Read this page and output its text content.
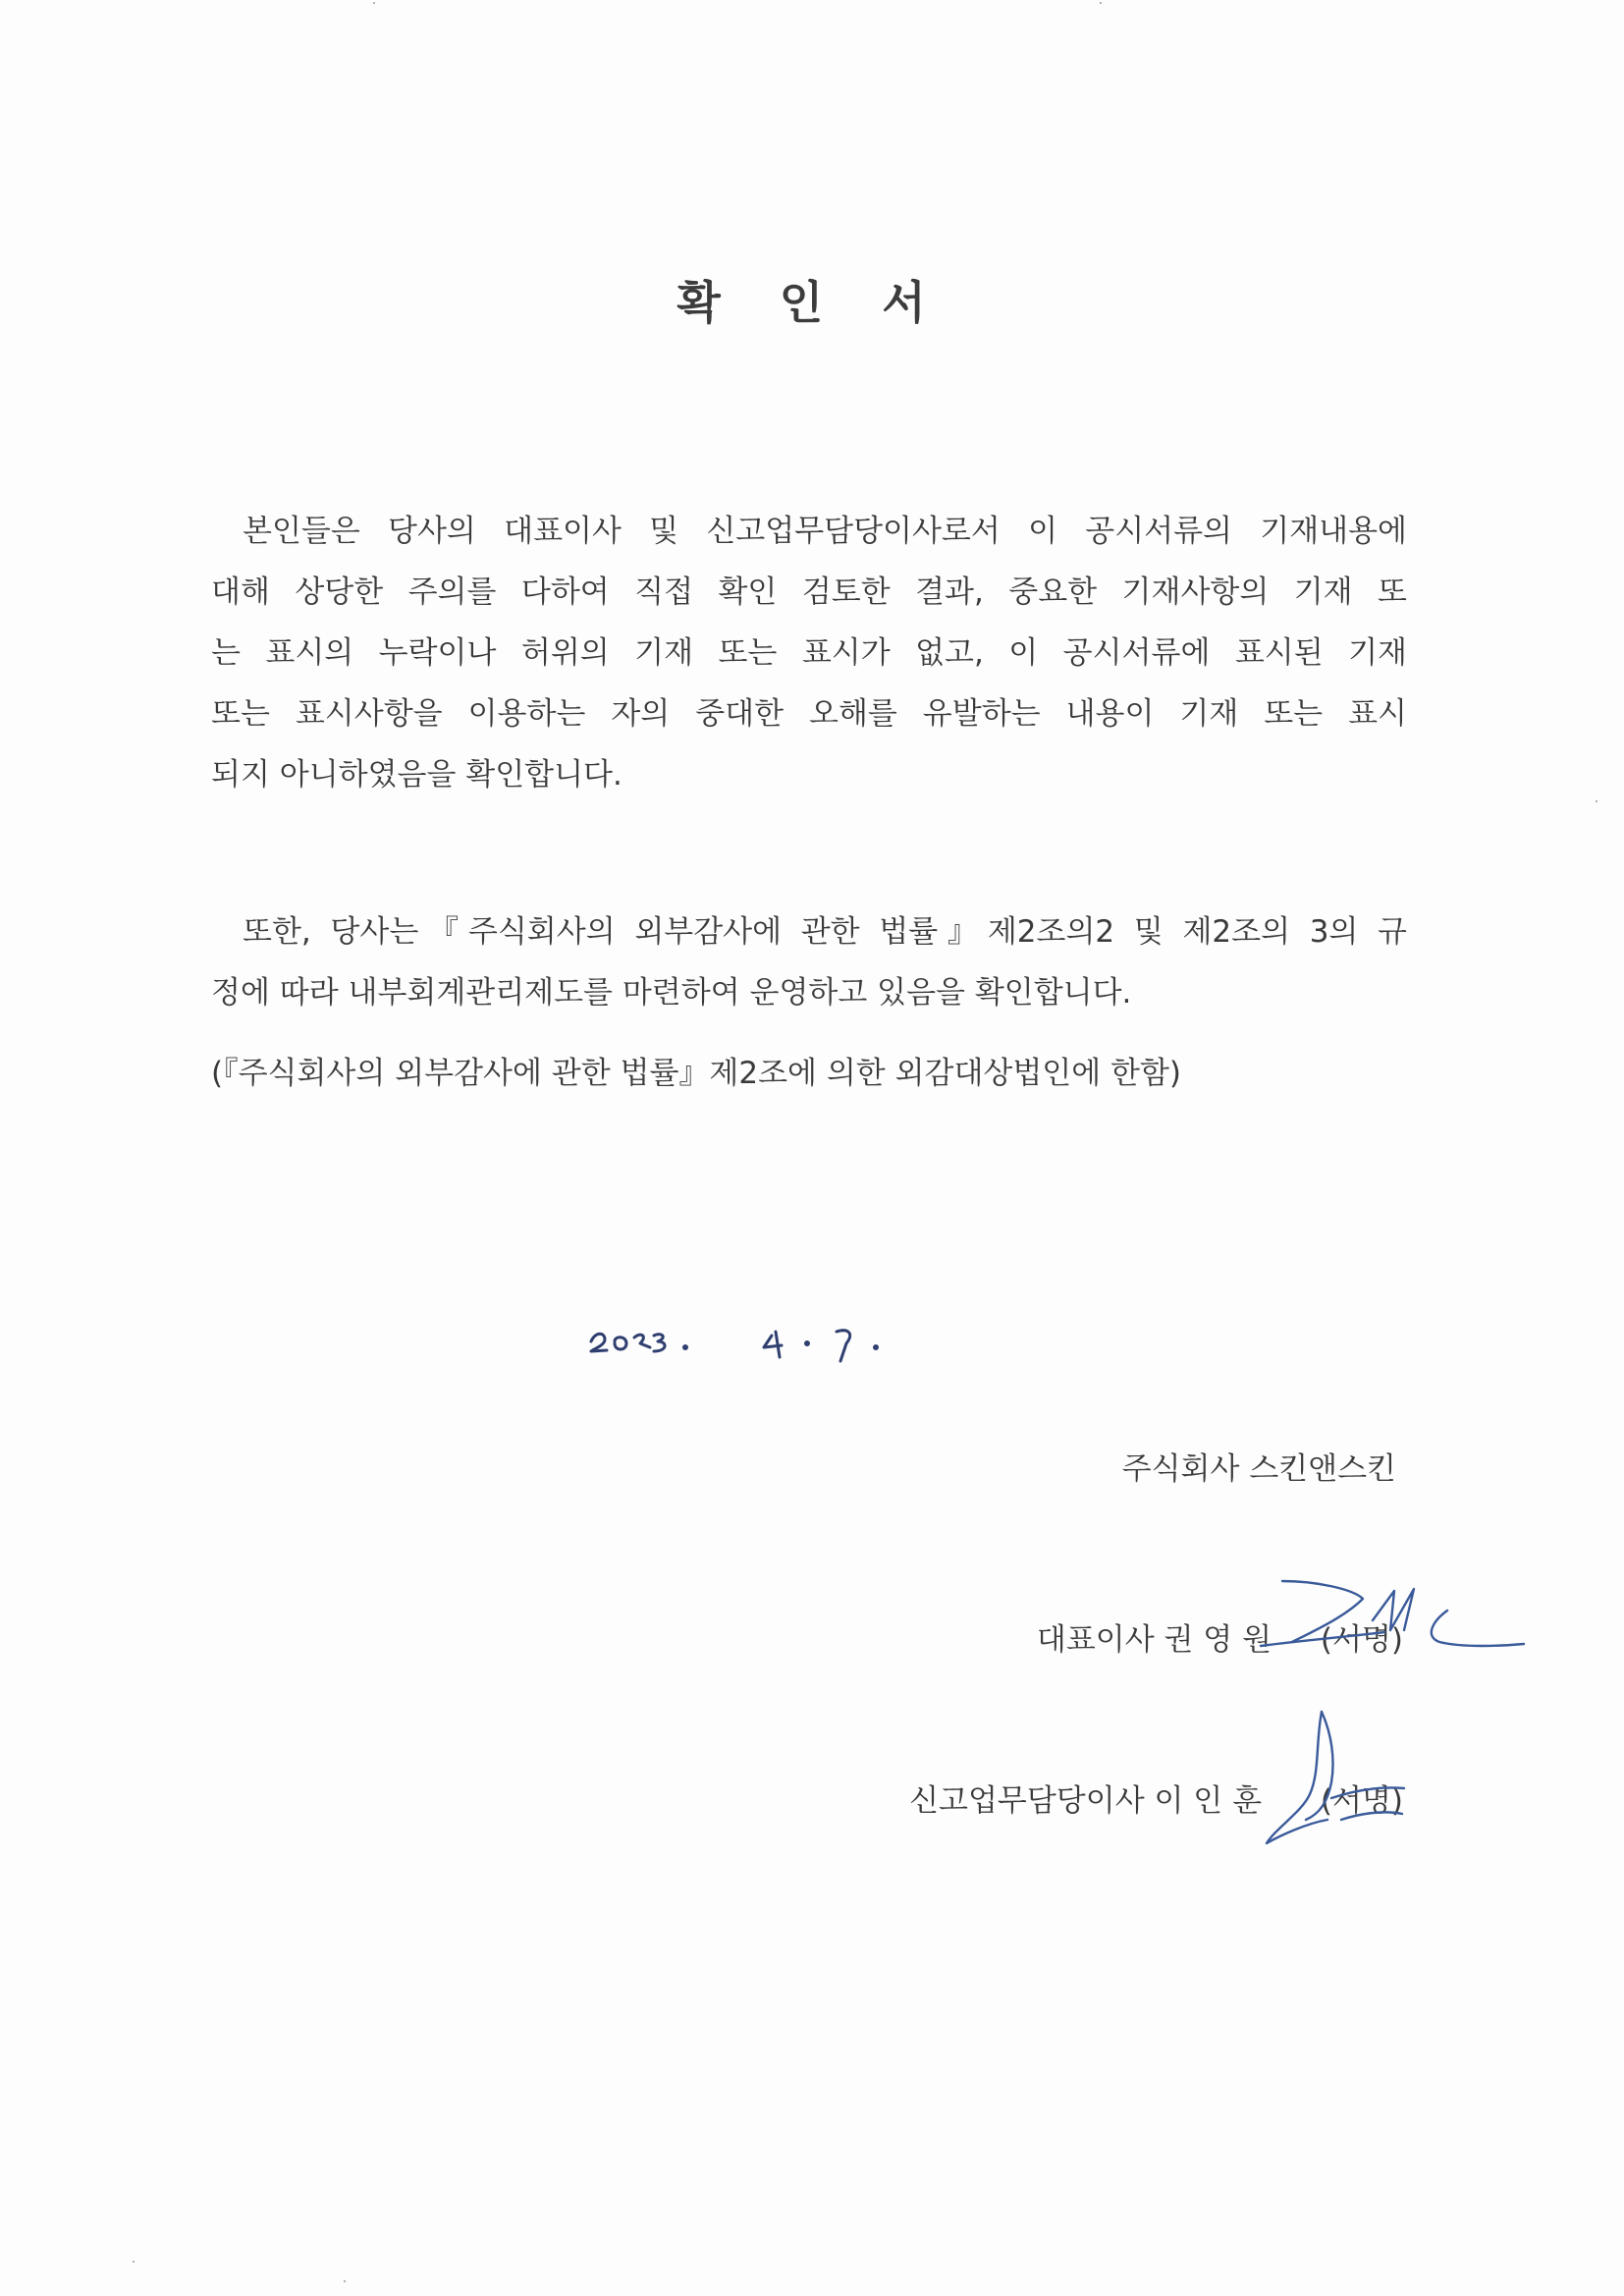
확 인 서
본인들은 당사의 대표이사 및 신고업무담당이사로서 이 공시서류의 기재내용에
대해 상당한 주의를 다하여 직접 확인 검토한 결과, 중요한 기재사항의 기재 또
는 표시의 누락이나 허위의 기재 또는 표시가 없고, 이 공시서류에 표시된 기재
또는 표시사항을 이용하는 자의 중대한 오해를 유발하는 내용이 기재 또는 표시
되지 아니하였음을 확인합니다.
또한, 당사는『주식회사의 외부감사에 관한 법률』제2조의2 및 제2조의 3의 규
정에 따라 내부회계관리제도를 마련하여 운영하고 있음을 확인합니다.
(『주식회사의 외부감사에 관한 법률』제2조에 의한 외감대상법인에 한함)
주식회사 스킨앤스킨
대표이사 권 영 원 (서명)
신고업무담당이사 이 인 훈 (서명)
